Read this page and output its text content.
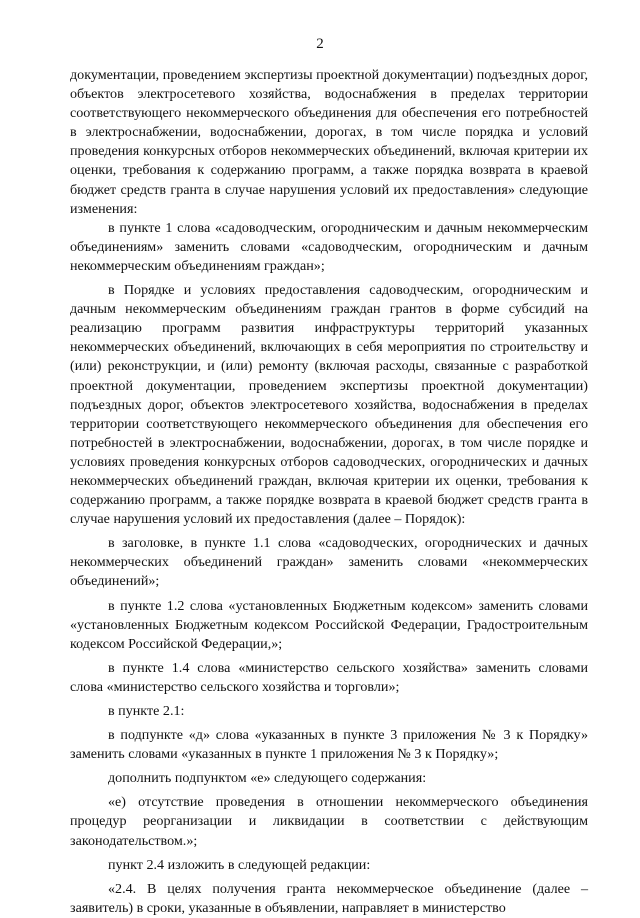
2

документации, проведением экспертизы проектной документации) подъездных дорог, объектов электросетевого хозяйства, водоснабжения в пределах территории соответствующего некоммерческого объединения для обеспечения его потребностей в электроснабжении, водоснабжении, дорогах, в том числе порядка и условий проведения конкурсных отборов некоммерческих объединений, включая критерии их оценки, требования к содержанию программ, а также порядка возврата в краевой бюджет средств гранта в случае нарушения условий их предоставления» следующие изменения:

в пункте 1 слова «садоводческим, огородническим и дачным некоммерческим объединениям» заменить словами «садоводческим, огородническим и дачным некоммерческим объединениям граждан»;

в Порядке и условиях предоставления садоводческим, огородническим и дачным некоммерческим объединениям граждан грантов в форме субсидий на реализацию программ развития инфраструктуры территорий указанных некоммерческих объединений, включающих в себя мероприятия по строительству и (или) реконструкции, и (или) ремонту (включая расходы, связанные с разработкой проектной документации, проведением экспертизы проектной документации) подъездных дорог, объектов электросетевого хозяйства, водоснабжения в пределах территории соответствующего некоммерческого объединения для обеспечения его потребностей в электроснабжении, водоснабжении, дорогах, в том числе порядке и условиях проведения конкурсных отборов садоводческих, огороднических и дачных некоммерческих объединений граждан, включая критерии их оценки, требования к содержанию программ, а также порядке возврата в краевой бюджет средств гранта в случае нарушения условий их предоставления (далее – Порядок):

в заголовке, в пункте 1.1 слова «садоводческих, огороднических и дачных некоммерческих объединений граждан» заменить словами «некоммерческих объединений»;

в пункте 1.2 слова «установленных Бюджетным кодексом» заменить словами «установленных Бюджетным кодексом Российской Федерации, Градостроительным кодексом Российской Федерации,»;

в пункте 1.4 слова «министерство сельского хозяйства» заменить словами слова «министерство сельского хозяйства и торговли»;

в пункте 2.1:

в подпункте «д» слова «указанных в пункте 3 приложения № 3 к Порядку» заменить словами «указанных в пункте 1 приложения № 3 к Порядку»;

дополнить подпунктом «е» следующего содержания:

«е) отсутствие проведения в отношении некоммерческого объединения процедур реорганизации и ликвидации в соответствии с действующим законодательством.»;

пункт 2.4 изложить в следующей редакции:

«2.4. В целях получения гранта некоммерческое объединение (далее – заявитель) в сроки, указанные в объявлении, направляет в министерство
